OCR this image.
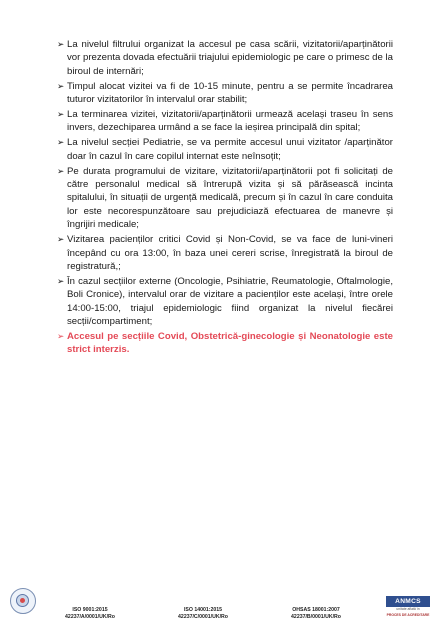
➢ La nivelul filtrului organizat la accesul pe casa scării, vizitatorii/aparținătorii vor prezenta dovada efectuării triajului epidemiologic pe care o primesc de la biroul de internări;
➢ Timpul alocat vizitei va fi de 10-15 minute, pentru a se permite încadrarea tuturor vizitatorilor în intervalul orar stabilit;
➢ La terminarea vizitei, vizitatorii/aparținătorii urmează același traseu în sens invers, dezechiparea urmând a se face la ieșirea principală din spital;
➢ La nivelul secției Pediatrie, se va permite accesul unui vizitator /aparținător doar în cazul în care copilul internat este neînsoțit;
➢ Pe durata programului de vizitare, vizitatorii/aparținătorii pot fi solicitați de către personalul medical să întrerupă vizita și să părăsească incinta spitalului, în situații de urgență medicală, precum și în cazul în care conduita lor este necorespunzătoare sau prejudiciază efectuarea de manevre și îngrijiri medicale;
➢ Vizitarea pacienților critici Covid și Non-Covid, se va face de luni-vineri începând cu ora 13:00, în baza unei cereri scrise, înregistrată la biroul de registratură,;
➢ În cazul secțiilor externe (Oncologie, Psihiatrie, Reumatologie, Oftalmologie, Boli Cronice), intervalul orar de vizitare a pacienților este același, între orele 14:00-15:00, triajul epidemiologic fiind organizat la nivelul fiecărei secții/compartiment;
➢ Accesul pe secțiile Covid, Obstetrică-ginecologie și Neonatologie este strict interzis.
ISO 9001:2015
42237/A/0001/UK/Ro
ISO 14001:2015
42237/C/0001/UK/Ro
OHSAS 18001:2007
42237/B/0001/UK/Ro
ANMCS
unitate aflată în
PROCES DE ACREDITARE
